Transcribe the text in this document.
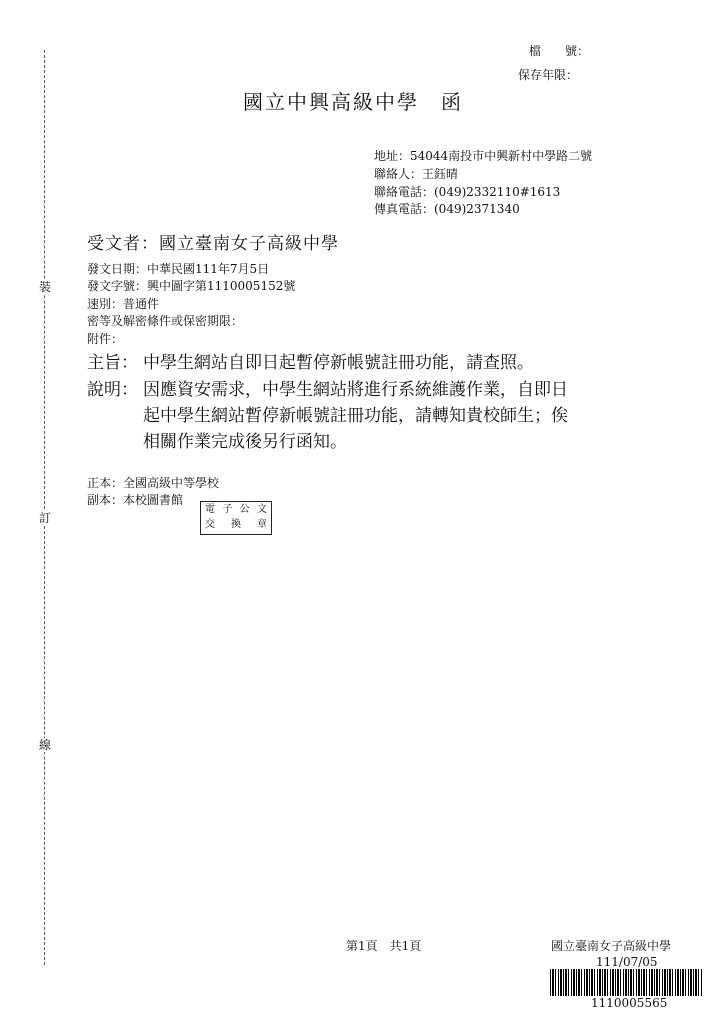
裝
訂
線
檔　　號：
保存年限：
國立中興高級中學　函
地址：54044南投市中興新村中學路二號
聯絡人：王鈺晴
聯絡電話：(049)2332110#1613
傳真電話：(049)2371340
受文者：國立臺南女子高級中學
發文日期：中華民國111年7月5日
發文字號：興中圖字第1110005152號
速別：普通件
密等及解密條件或保密期限：
附件：
主旨： 中學生網站自即日起暫停新帳號註冊功能，請查照。
說明： 因應資安需求，中學生網站將進行系統維護作業，自即日
起中學生網站暫停新帳號註冊功能，請轉知貴校師生；俟
相關作業完成後另行函知。
正本：全國高級中等學校
副本：本校圖書館
電子公文
交換章
第1頁　共1頁	國立臺南女子高級中學
111/07/05
1110005565
